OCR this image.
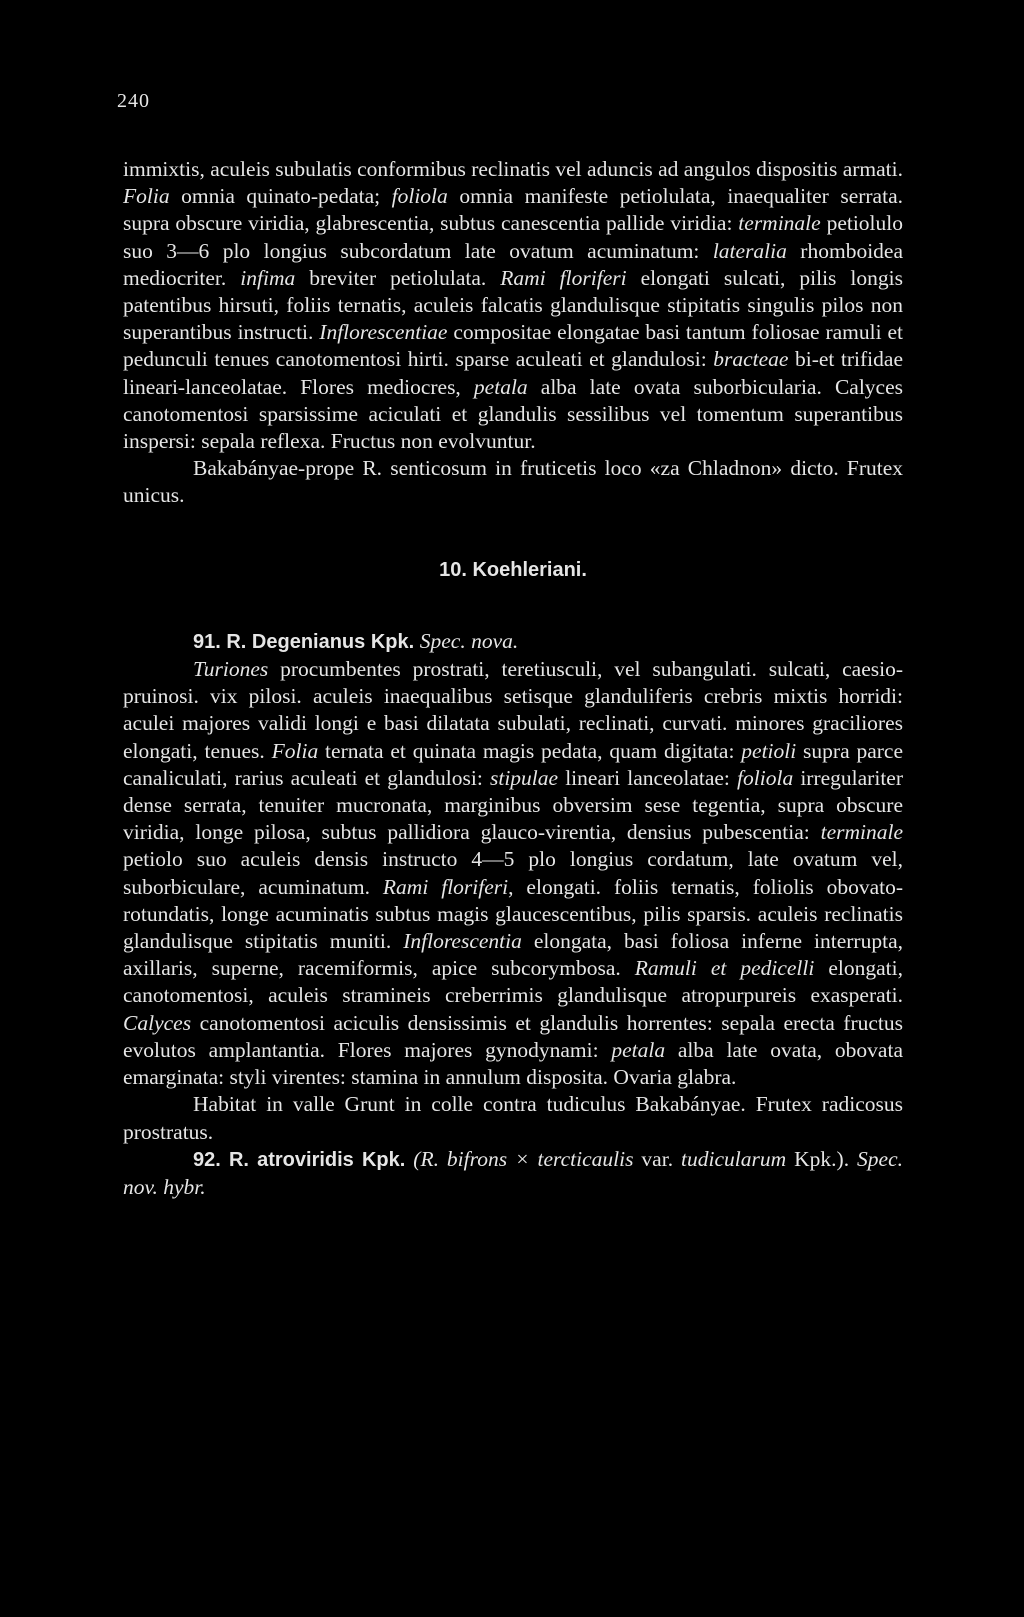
240

immixtis, aculeis subulatis conformibus reclinatis vel aduncis ad angulos dispositis armati. Folia omnia quinato-pedata; foliola omnia manifeste petiolulata, inaequaliter serrata. supra obscure viridia, glabrescentia, subtus canescentia pallide viridia: terminale petiolulo suo 3—6 plo longius subcordatum late ovatum acuminatum: lateralia rhomboidea mediocriter. infima breviter petiolulata. Rami floriferi elongati sulcati, pilis longis patentibus hirsuti, foliis ternatis, aculeis falcatis glandulisque stipitatis singulis pilos non superantibus instructi. Inflorescentiae compositae elongatae basi tantum foliosae ramuli et pedunculi tenues canotomentosi hirti. sparse aculeati et glandulosi: bracteae bi-et trifidae lineari-lanceolatae. Flores mediocres, petala alba late ovata suborbicularia. Calyces canotomentosi sparsissime aciculati et glandulis sessilibus vel tomentum superantibus inspersi: sepala reflexa. Fructus non evolvuntur.

Bakabányae-prope R. senticosum in fruticetis loco «za Chladnon» dicto. Frutex unicus.

10. Koehleriani.

91. R. Degenianus Kpk. Spec. nova.

Turiones procumbentes prostrati, teretiusculi, vel subangulati. sulcati, caesio-pruinosi. vix pilosi. aculeis inaequalibus setisque glanduliferis crebris mixtis horridi: aculei majores validi longi e basi dilatata subulati, reclinati, curvati. minores graciliores elongati, tenues. Folia ternata et quinata magis pedata, quam digitata: petioli supra parce canaliculati, rarius aculeati et glandulosi: stipulae lineari lanceolatae: foliola irregulariter dense serrata, tenuiter mucronata, marginibus obversim sese tegentia, supra obscure viridia, longe pilosa, subtus pallidiora glauco-virentia, densius pubescentia: terminale petiolo suo aculeis densis instructo 4—5 plo longius cordatum, late ovatum vel, suborbiculare, acuminatum. Rami floriferi, elongati. foliis ternatis, foliolis obovato-rotundatis, longe acuminatis subtus magis glaucescentibus, pilis sparsis. aculeis reclinatis glandulisque stipitatis muniti. Inflorescentia elongata, basi foliosa inferne interrupta, axillaris, superne, racemiformis, apice subcorymbosa. Ramuli et pedicelli elongati, canotomentosi, aculeis stramineis creberrimis glandulisque atropurpureis exasperati. Calyces canotomentosi aciculis densissimis et glandulis horrentes: sepala erecta fructus evolutos amplantantia. Flores majores gynodynami: petala alba late ovata, obovata emarginata: styli virentes: stamina in annulum disposita. Ovaria glabra.

Habitat in valle Grunt in colle contra tudiculus Bakabányae. Frutex radicosus prostratus.

92. R. atroviridis Kpk. (R. bifrons × tercticaulis var. tudicularum Kpk.). Spec. nov. hybr.
